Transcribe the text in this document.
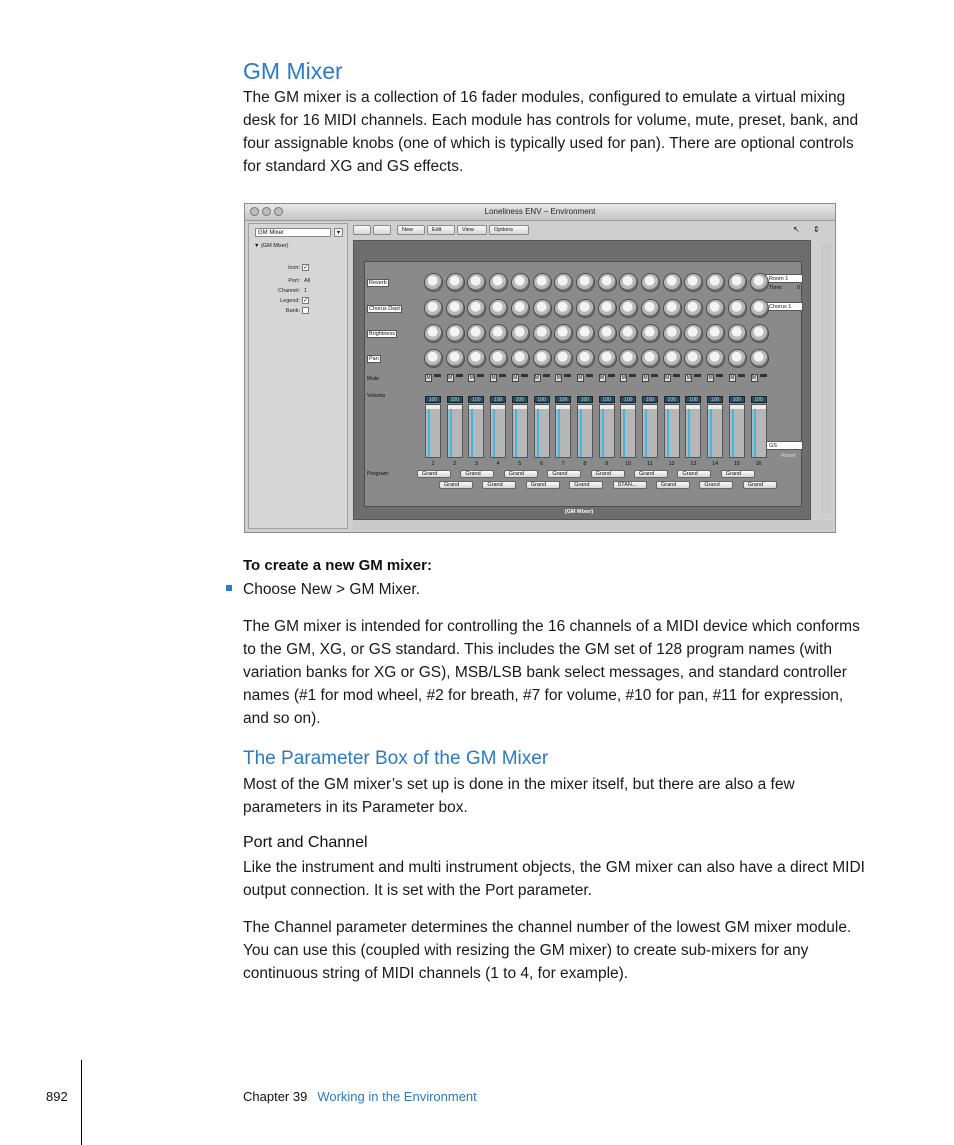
GM Mixer

The GM mixer is a collection of 16 fader modules, configured to emulate a virtual mixing desk for 16 MIDI channels. Each module has controls for volume, mute, preset, bank, and four assignable knobs (one of which is typically used for pan). There are optional controls for standard XG and GS effects.

Loneliness ENV – Environment
GM Mixer	▾
▼ (GM Mixer)
Icon: ✓
Port: All
Channel: 1
Legend: ✓
Bank:
New	Edit	View	Options	↖ ⇕
Reverb
Chorus Dept
Brightness
Pan
Mute
Volume
Program
Room 1
Time:	0
Chorus 1
GS
Reset
M
100
1
M
100
2
M
100
3
M
100
4
M
100
5
M
100
6
M
100
7
M
100
8
M
100
9
M
100
10
M
100
11
M
100
12
M
100
13
M
100
14
M
100
15
M
100
16
Grand	Grand	Grand	Grand	Grand	Grand	Grand	Grand
Grand	Grand	Grand	Grand	STAN...	Grand	Grand	Grand
(GM Mixer)
To create a new GM mixer:
Choose New > GM Mixer.

The GM mixer is intended for controlling the 16 channels of a MIDI device which conforms to the GM, XG, or GS standard. This includes the GM set of 128 program names (with variation banks for XG or GS), MSB/LSB bank select messages, and standard controller names (#1 for mod wheel, #2 for breath, #7 for volume, #10 for pan, #11 for expression, and so on).

The Parameter Box of the GM Mixer

Most of the GM mixer’s set up is done in the mixer itself, but there are also a few parameters in its Parameter box.

Port and Channel

Like the instrument and multi instrument objects, the GM mixer can also have a direct MIDI output connection. It is set with the Port parameter.

The Channel parameter determines the channel number of the lowest GM mixer module. You can use this (coupled with resizing the GM mixer) to create sub-mixers for any continuous string of MIDI channels (1 to 4, for example).

892	Chapter 39 Working in the Environment
